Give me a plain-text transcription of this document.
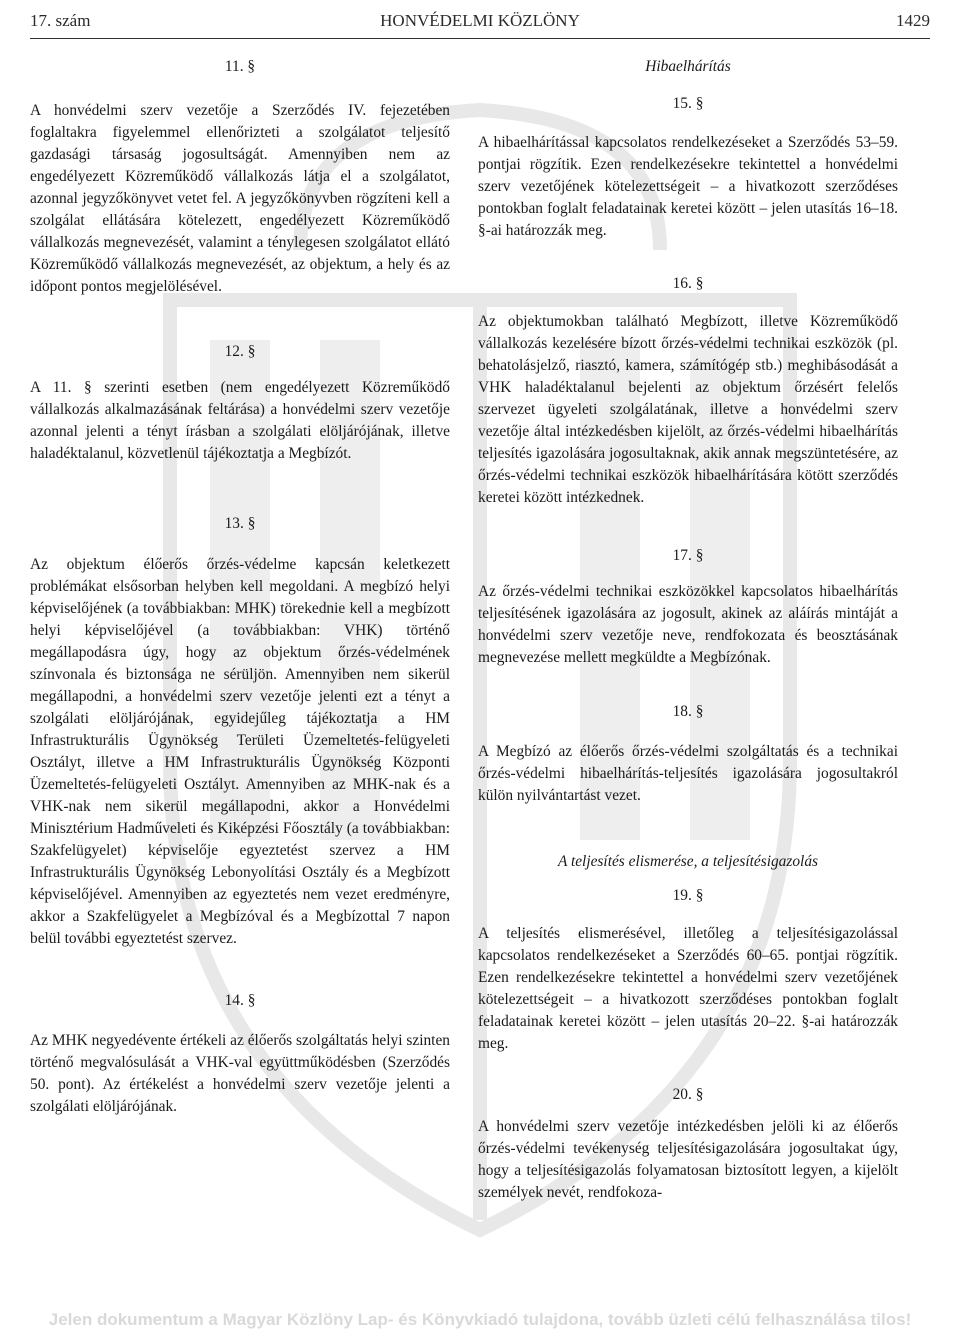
17. szám	HONVÉDELMI KÖZLÖNY	1429

11. §

A honvédelmi szerv vezetője a Szerződés IV. fejezetében foglaltakra figyelemmel ellenőrizteti a szolgálatot teljesítő gazdasági társaság jogosultságát. Amennyiben nem az engedélyezett Közreműködő vállalkozás látja el a szolgálatot, azonnal jegyzőkönyvet vetet fel. A jegyzőkönyvben rögzíteni kell a szolgálat ellátására kötelezett, engedélyezett Közreműködő vállalkozás megnevezését, valamint a ténylegesen szolgálatot ellátó Közreműködő vállalkozás megnevezését, az objektum, a hely és az időpont pontos megjelölésével.

12. §

A 11. § szerinti esetben (nem engedélyezett Közreműködő vállalkozás alkalmazásának feltárása) a honvédelmi szerv vezetője azonnal jelenti a tényt írásban a szolgálati elöljárójának, illetve haladéktalanul, közvetlenül tájékoztatja a Megbízót.

13. §

Az objektum élőerős őrzés-védelme kapcsán keletkezett problémákat elsősorban helyben kell megoldani. A megbízó helyi képviselőjének (a továbbiakban: MHK) törekednie kell a megbízott helyi képviselőjével (a továbbiakban: VHK) történő megállapodásra úgy, hogy az objektum őrzés-védelmének színvonala és biztonsága ne sérüljön. Amennyiben nem sikerül megállapodni, a honvédelmi szerv vezetője jelenti ezt a tényt a szolgálati elöljárójának, egyidejűleg tájékoztatja a HM Infrastrukturális Ügynökség Területi Üzemeltetés-felügyeleti Osztályt, illetve a HM Infrastrukturális Ügynökség Központi Üzemeltetés-felügyeleti Osztályt. Amennyiben az MHK-nak és a VHK-nak nem sikerül megállapodni, akkor a Honvédelmi Minisztérium Hadműveleti és Kiképzési Főosztály (a továbbiakban: Szakfelügyelet) képviselője egyeztetést szervez a HM Infrastrukturális Ügynökség Lebonyolítási Osztály és a Megbízott képviselőjével. Amennyiben az egyeztetés nem vezet eredményre, akkor a Szakfelügyelet a Megbízóval és a Megbízottal 7 napon belül további egyeztetést szervez.

14. §

Az MHK negyedévente értékeli az élőerős szolgáltatás helyi szinten történő megvalósulását a VHK-val együttműködésben (Szerződés 50. pont). Az értékelést a honvédelmi szerv vezetője jelenti a szolgálati elöljárójának.

Hibaelhárítás

15. §

A hibaelhárítással kapcsolatos rendelkezéseket a Szerződés 53–59. pontjai rögzítik. Ezen rendelkezésekre tekintettel a honvédelmi szerv vezetőjének kötelezettségeit – a hivatkozott szerződéses pontokban foglalt feladatainak keretei között – jelen utasítás 16–18. §-ai határozzák meg.

16. §

Az objektumokban található Megbízott, illetve Közreműködő vállalkozás kezelésére bízott őrzés-védelmi technikai eszközök (pl. behatolásjelző, riasztó, kamera, számítógép stb.) meghibásodását a VHK haladéktalanul bejelenti az objektum őrzésért felelős szervezet ügyeleti szolgálatának, illetve a honvédelmi szerv vezetője által intézkedésben kijelölt, az őrzés-védelmi hibaelhárítás teljesítés igazolására jogosultaknak, akik annak megszüntetésére, az őrzés-védelmi technikai eszközök hibaelhárítására kötött szerződés keretei között intézkednek.

17. §

Az őrzés-védelmi technikai eszközökkel kapcsolatos hibaelhárítás teljesítésének igazolására az jogosult, akinek az aláírás mintáját a honvédelmi szerv vezetője neve, rendfokozata és beosztásának megnevezése mellett megküldte a Megbízónak.

18. §

A Megbízó az élőerős őrzés-védelmi szolgáltatás és a technikai őrzés-védelmi hibaelhárítás-teljesítés igazolására jogosultakról külön nyilvántartást vezet.

A teljesítés elismerése, a teljesítésigazolás

19. §

A teljesítés elismerésével, illetőleg a teljesítésigazolással kapcsolatos rendelkezéseket a Szerződés 60–65. pontjai rögzítik. Ezen rendelkezésekre tekintettel a honvédelmi szerv vezetőjének kötelezettségeit – a hivatkozott szerződéses pontokban foglalt feladatainak keretei között – jelen utasítás 20–22. §-ai határozzák meg.

20. §

A honvédelmi szerv vezetője intézkedésben jelöli ki az élőerős őrzés-védelmi tevékenység teljesítésigazolására jogosultakat úgy, hogy a teljesítésigazolás folyamatosan biztosított legyen, a kijelölt személyek nevét, rendfokoza-

Jelen dokumentum a Magyar Közlöny Lap- és Könyvkiadó tulajdona, tovább üzleti célú felhasználása tilos!
